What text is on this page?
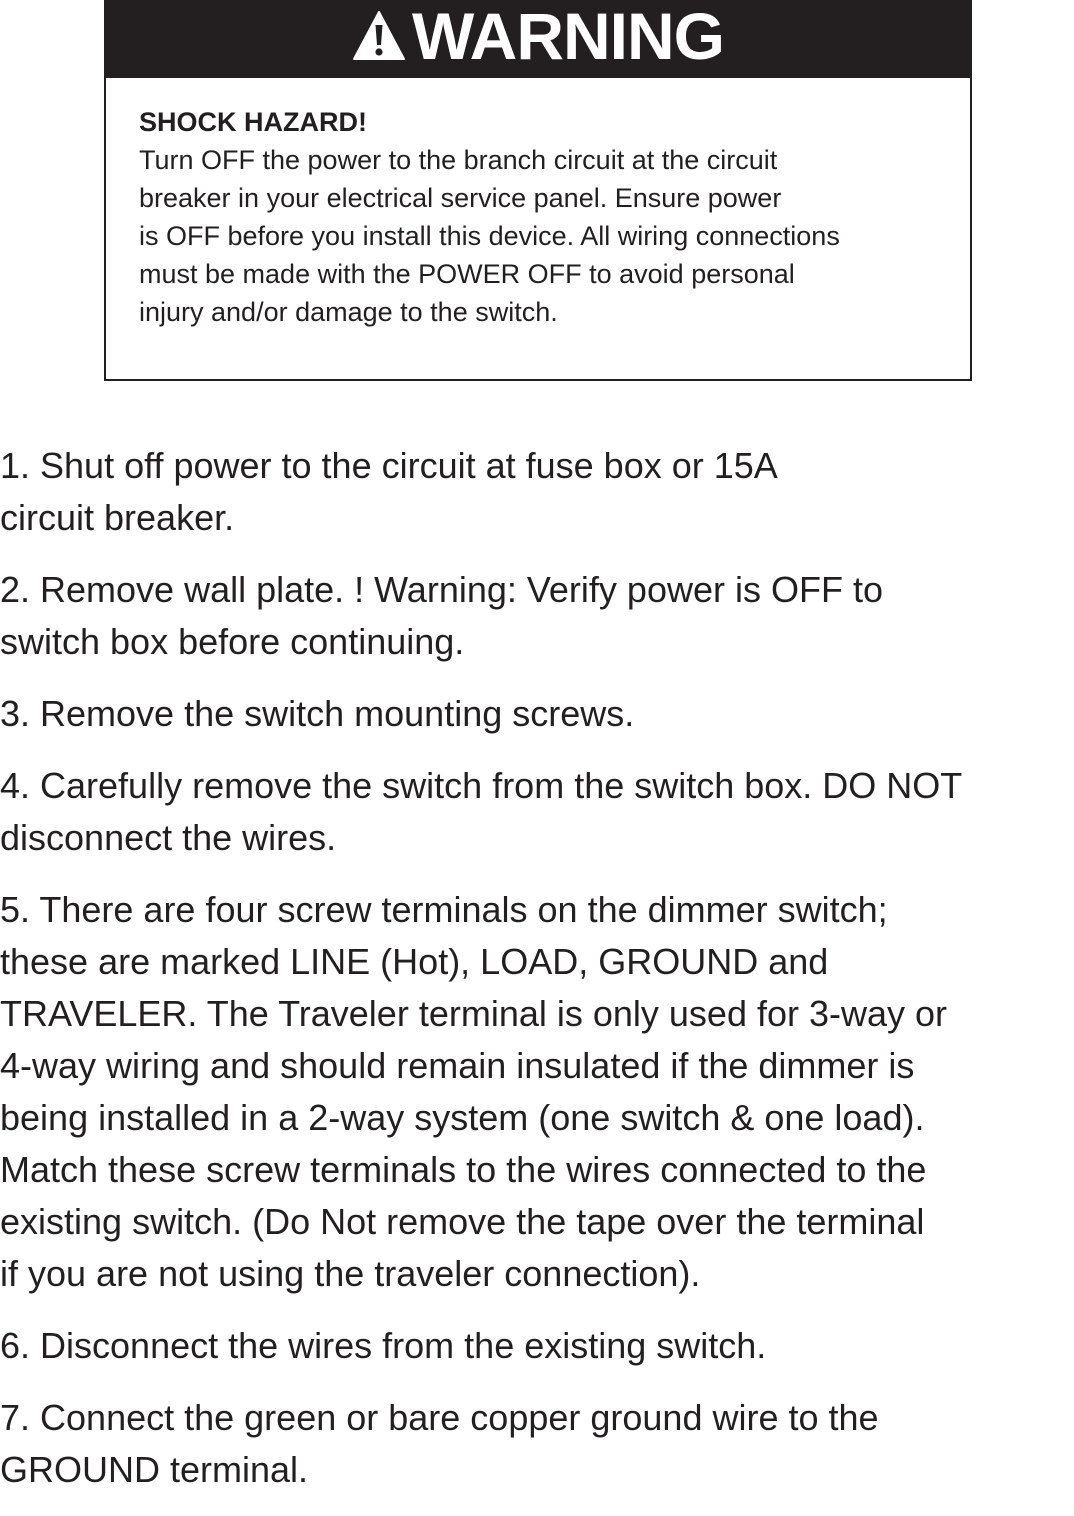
WARNING

SHOCK HAZARD!

Turn OFF the power to the branch circuit at the circuit

breaker in your electrical service panel. Ensure power

is OFF before you install this device. All wiring connections

must be made with the POWER OFF to avoid personal

injury and/or damage to the switch.

1. Shut off power to the circuit at fuse box or 15A
circuit breaker.

2. Remove wall plate. ! Warning: Verify power is OFF to
switch box before continuing.

3. Remove the switch mounting screws.

4. Carefully remove the switch from the switch box. DO NOT
disconnect the wires.

5. There are four screw terminals on the dimmer switch;
these are marked LINE (Hot), LOAD, GROUND and
TRAVELER. The Traveler terminal is only used for 3-way or
4-way wiring and should remain insulated if the dimmer is
being installed in a 2-way system (one switch & one load).
Match these screw terminals to the wires connected to the
existing switch. (Do Not remove the tape over the terminal
if you are not using the traveler connection).

6. Disconnect the wires from the existing switch.

7. Connect the green or bare copper ground wire to the
GROUND terminal.
